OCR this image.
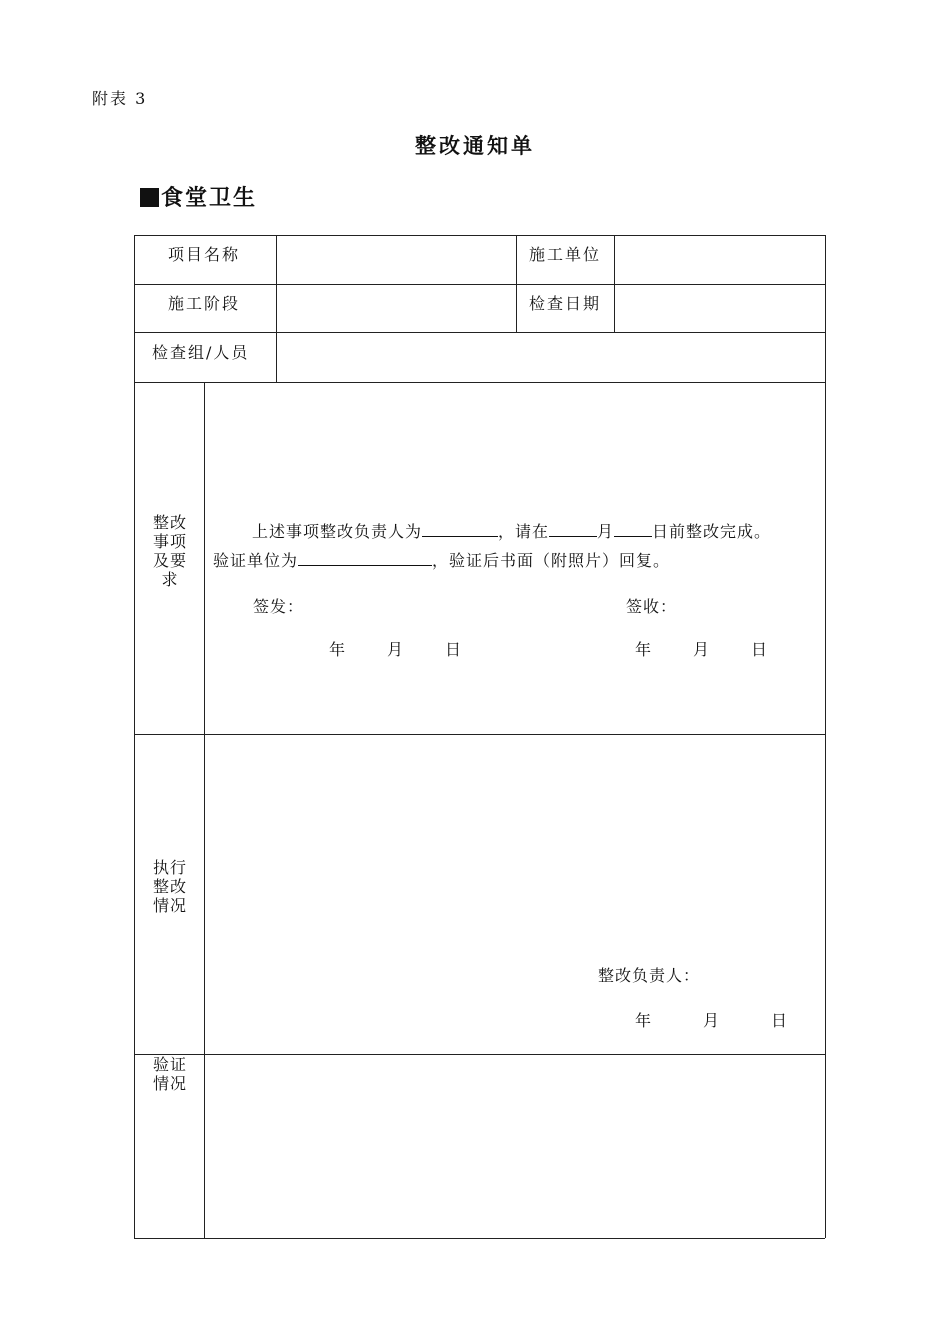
附表 3
整改通知单
食堂卫生
项目名称	施工单位
施工阶段	检查日期
检查组/人员
整改事项及要求
上述事项整改负责人为	，请在	月 日前整改完成。
验证单位为	，验证后书面（附照片）回复。
签发：	签收：
年	月	日	年	月	日
执行整改情况
整改负责人：
年	月	日
验证情况
